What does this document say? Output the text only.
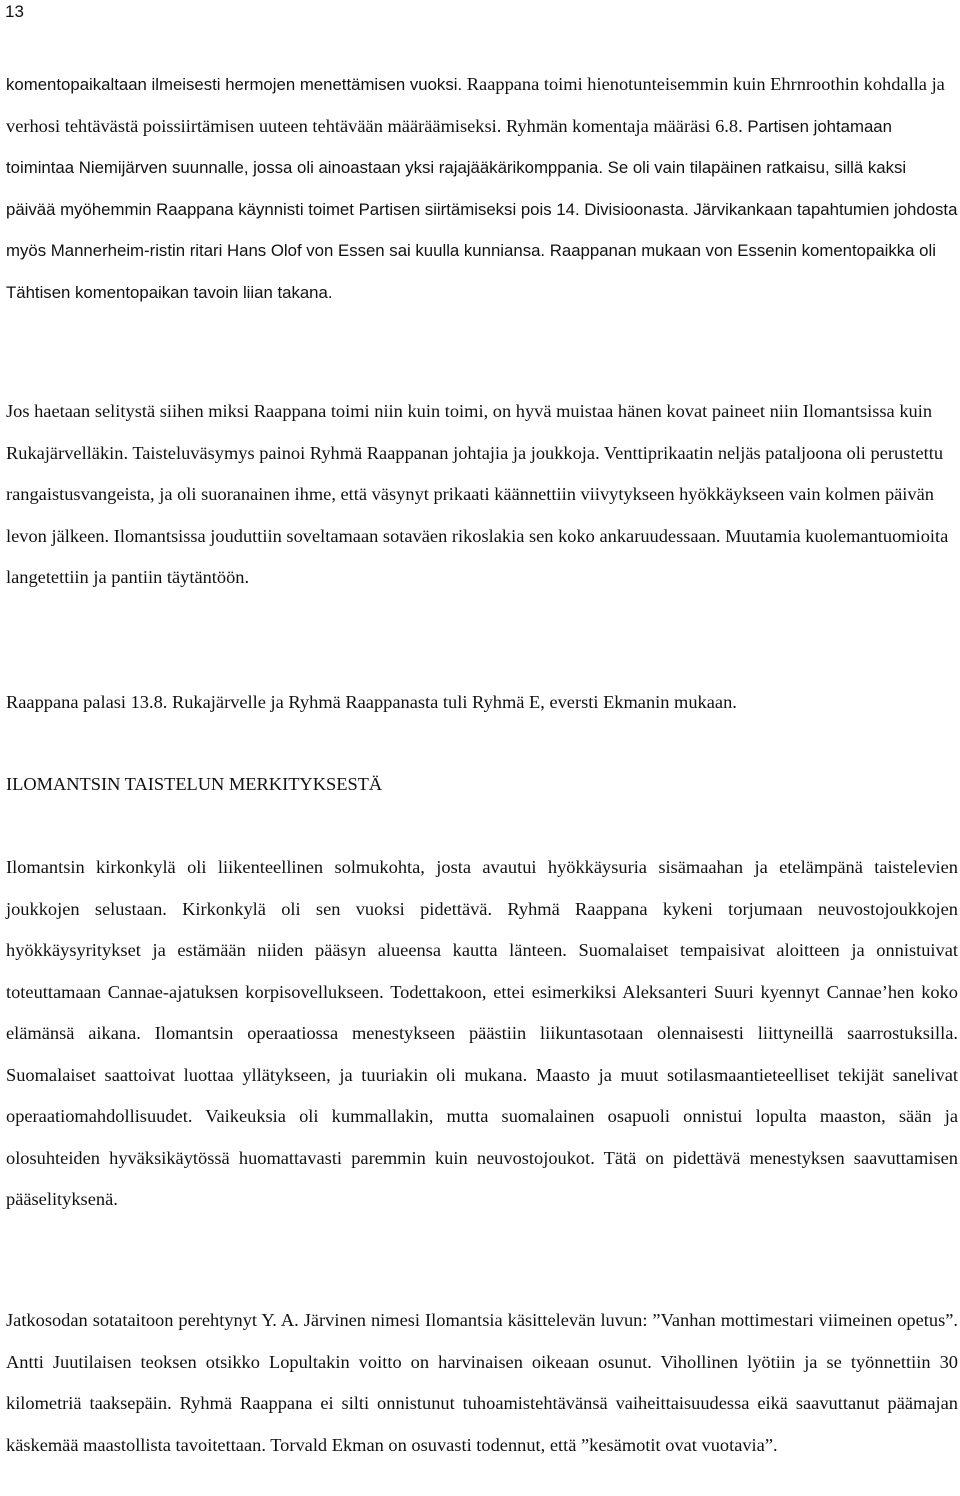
13

komentopaikaltaan ilmeisesti hermojen menettämisen vuoksi. Raappana toimi hienotunteisemmin kuin Ehrnroothin kohdalla ja verhosi tehtävästä poissiirtämisen uuteen tehtävään määräämiseksi. Ryhmän komentaja määräsi 6.8. Partisen johtamaan toimintaa Niemijärven suunnalle, jossa oli ainoastaan yksi rajajääkärikomppania. Se oli vain tilapäinen ratkaisu, sillä kaksi päivää myöhemmin Raappana käynnisti toimet Partisen siirtämiseksi pois 14. Divisioonasta. Järvikankaan tapahtumien johdosta myös Mannerheim-ristin ritari Hans Olof von Essen sai kuulla kunniansa. Raappanan mukaan von Essenin komentopaikka oli Tähtisen komentopaikan tavoin liian takana.

Jos haetaan selitystä siihen miksi Raappana toimi niin kuin toimi, on hyvä muistaa hänen kovat paineet niin Ilomantsissa kuin Rukajärvelläkin. Taisteluväsymys painoi Ryhmä Raappanan johtajia ja joukkoja. Venttiprikaatin neljäs pataljoona oli perustettu rangaistusvangeista, ja oli suoranainen ihme, että väsynyt prikaati käännettiin viivytykseen hyökkäykseen vain kolmen päivän levon jälkeen. Ilomantsissa jouduttiin soveltamaan sotaväen rikoslakia sen koko ankaruudessaan. Muutamia kuolemantuomioita langetettiin ja pantiin täytäntöön.

Raappana palasi 13.8. Rukajärvelle ja Ryhmä Raappanasta tuli Ryhmä E, eversti Ekmanin mukaan.

ILOMANTSIN TAISTELUN MERKITYKSESTÄ

Ilomantsin kirkonkylä oli liikenteellinen solmukohta, josta avautui hyökkäysuria sisämaahan ja etelämpänä taistelevien joukkojen selustaan. Kirkonkylä oli sen vuoksi pidettävä. Ryhmä Raappana kykeni torjumaan neuvostojoukkojen hyökkäysyritykset ja estämään niiden pääsyn alueensa kautta länteen. Suomalaiset tempaisivat aloitteen ja onnistuivat toteuttamaan Cannae-ajatuksen korpisovellukseen. Todettakoon, ettei esimerkiksi Aleksanteri Suuri kyennyt Cannae’hen koko elämänsä aikana. Ilomantsin operaatiossa menestykseen päästiin liikuntasotaan olennaisesti liittyneillä saarrostuksilla. Suomalaiset saattoivat luottaa yllätykseen, ja tuuriakin oli mukana. Maasto ja muut sotilasmaantieteelliset tekijät sanelivat operaatiomahdollisuudet. Vaikeuksia oli kummallakin, mutta suomalainen osapuoli onnistui lopulta maaston, sään ja olosuhteiden hyväksikäytössä huomattavasti paremmin kuin neuvostojoukot. Tätä on pidettävä menestyksen saavuttamisen pääselityksenä.

Jatkosodan sotataitoon perehtynyt Y. A. Järvinen nimesi Ilomantsia käsittelevän luvun: ”Vanhan mottimestari viimeinen opetus”. Antti Juutilaisen teoksen otsikko Lopultakin voitto on harvinaisen oikeaan osunut. Vihollinen lyötiin ja se työnnettiin 30 kilometriä taaksepäin. Ryhmä Raappana ei silti onnistunut tuhoamistehtävänsä vaiheittaisuudessa eikä saavuttanut päämajan käskemää maastollista tavoitettaan. Torvald Ekman on osuvasti todennut, että ”kesämotit ovat vuotavia”.
